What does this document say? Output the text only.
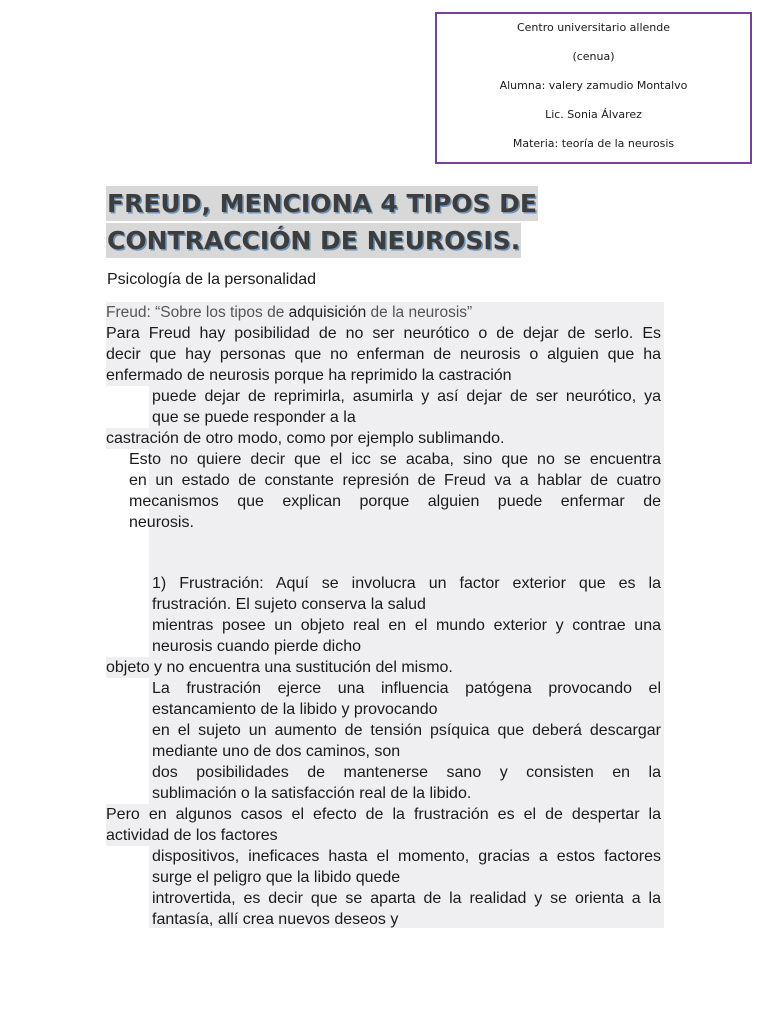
Centro universitario allende
(cenua)
Alumna: valery zamudio Montalvo
Lic. Sonia Álvarez
Materia: teoría de la neurosis
FREUD, MENCIONA 4 TIPOS DE
CONTRACCIÓN DE NEUROSIS.
Psicología de la personalidad
Freud: “Sobre los tipos de adquisición de la neurosis”
Para Freud hay posibilidad de no ser neurótico o de dejar de serlo. Es
decir que hay personas que no enferman de neurosis o alguien que ha
enfermado de neurosis porque ha reprimido la castración
puede dejar de reprimirla, asumirla y así dejar de ser neurótico, ya
que se puede responder a la
castración de otro modo, como por ejemplo sublimando.
Esto no quiere decir que el icc se acaba, sino que no se encuentra
en un estado de constante represión de Freud va a hablar de cuatro
mecanismos que explican porque alguien puede enfermar de
neurosis.
1) Frustración: Aquí se involucra un factor exterior que es la
frustración. El sujeto conserva la salud
mientras posee un objeto real en el mundo exterior y contrae una
neurosis cuando pierde dicho
objeto y no encuentra una sustitución del mismo.
La frustración ejerce una influencia patógena provocando el
estancamiento de la libido y provocando
en el sujeto un aumento de tensión psíquica que deberá descargar
mediante uno de dos caminos, son
dos posibilidades de mantenerse sano y consisten en la
sublimación o la satisfacción real de la libido.
Pero en algunos casos el efecto de la frustración es el de despertar la
actividad de los factores
dispositivos, ineficaces hasta el momento, gracias a estos factores
surge el peligro que la libido quede
introvertida, es decir que se aparta de la realidad y se orienta a la
fantasía, allí crea nuevos deseos y
